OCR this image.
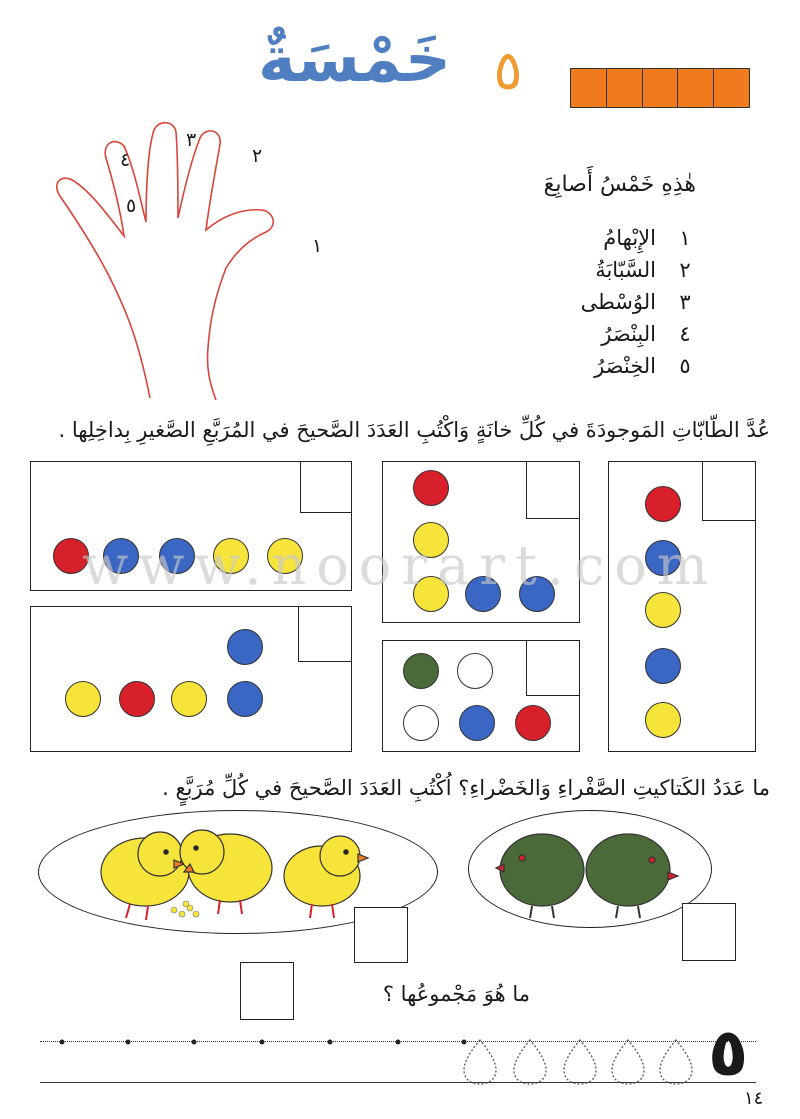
خَمْسَةٌ ٥
٥
٤
٣
٢
١
هٰذِهِ خَمْسُ أَصابِعَ
١
الإِبْهامُ
٢
السَّبّابَةُ
٣
الوُسْطى
٤
البِنْصَرُ
٥
الخِنْصَرُ
عُدَّ الطّابّاتِ المَوجودَةَ في كُلِّ خانَةٍ وَاكْتُبِ العَدَدَ الصَّحيحَ في المُرَبَّعِ الصَّغيرِ بِداخِلِها .
www.noorart.com
ما عَدَدُ الكَتاكيتِ الصَّفْراءِ وَالخَضْراءِ؟ اُكْتُبِ العَدَدَ الصَّحيحَ في كُلِّ مُرَبَّعٍ .
ما هُوَ مَجْموعُها ؟
٥
١٤
